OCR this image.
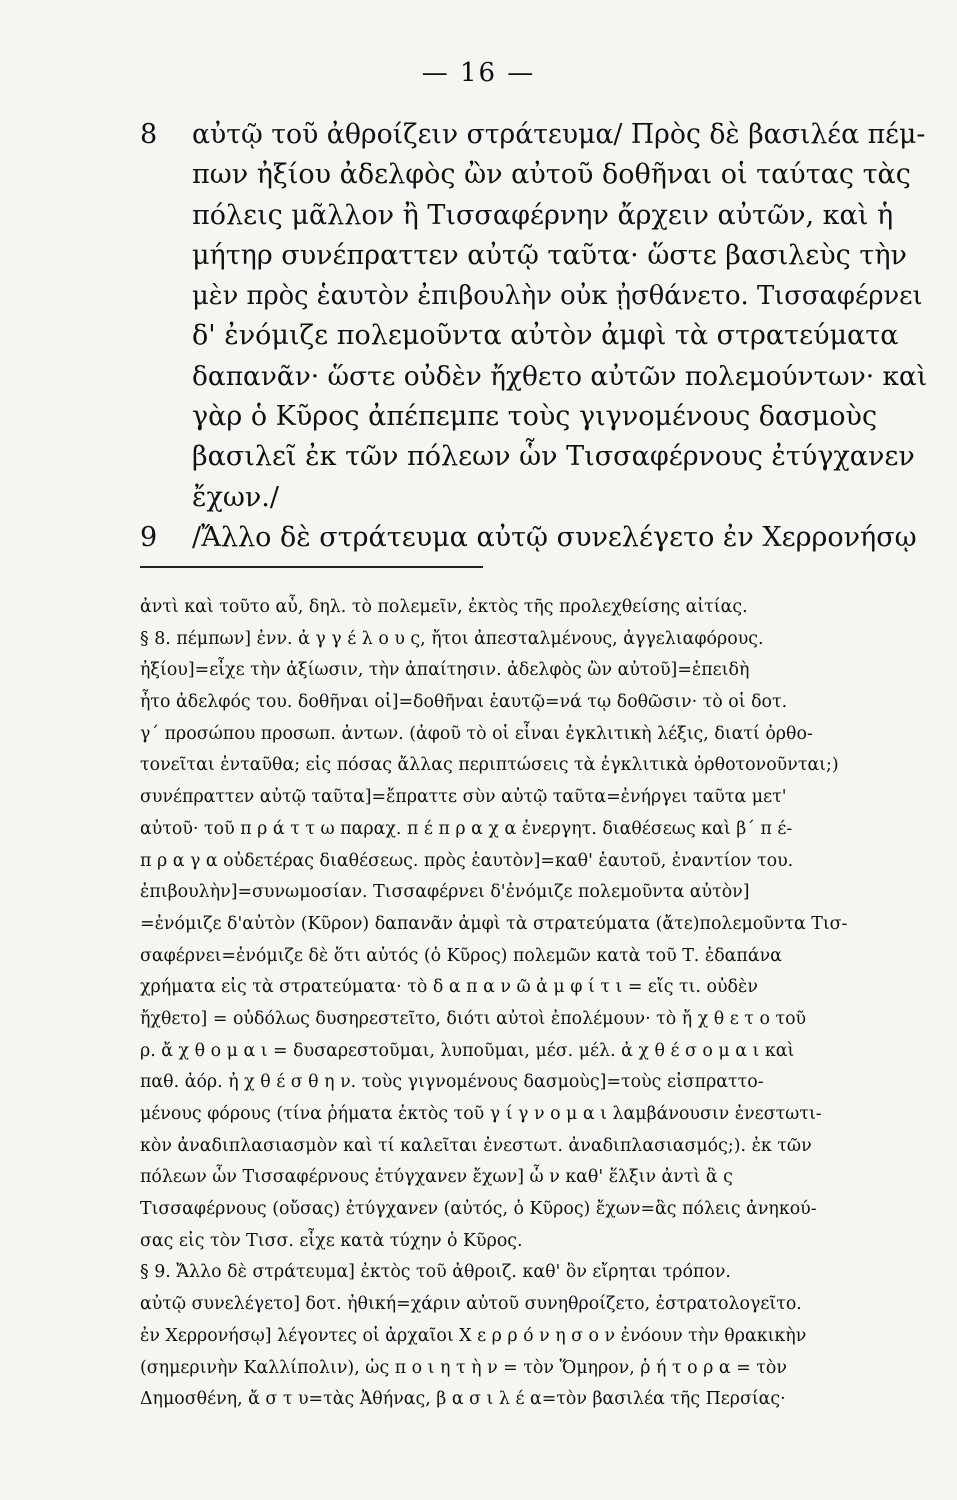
— 16 —
8	αὐτῷ τοῦ ἀθροίζειν στράτευμα/ Πρὸς δὲ βασιλέα πέμ-
πων ἠξίου ἀδελφὸς ὢν αὐτοῦ δοθῆναι οἱ ταύτας τὰς
πόλεις μᾶλλον ἢ Τισσαφέρνην ἄρχειν αὐτῶν, καὶ ἡ
μήτηρ συνέπραττεν αὐτῷ ταῦτα· ὥστε βασιλεὺς τὴν
μὲν πρὸς ἑαυτὸν ἐπιβουλὴν οὐκ ᾐσθάνετο. Τισσαφέρνει
δ' ἐνόμιζε πολεμοῦντα αὐτὸν ἀμφὶ τὰ στρατεύματα
δαπανᾶν· ὥστε οὐδὲν ἤχθετο αὐτῶν πολεμούντων· καὶ
γὰρ ὁ Κῦρος ἀπέπεμπε τοὺς γιγνομένους δασμοὺς
βασιλεῖ ἐκ τῶν πόλεων ὧν Τισσαφέρνους ἐτύγχανεν
ἔχων./
9	/Ἄλλο δὲ στράτευμα αὐτῷ συνελέγετο ἐν Χερρονήσῳ
ἀντὶ καὶ τοῦτο αὖ, δηλ. τὸ πολεμεῖν, ἐκτὸς τῆς προλεχθείσης αἰτίας.
§ 8. πέμπων] ἐνν. ἀ γ γ έ λ ο υ ς, ἤτοι ἀπεσταλμένους, ἀγγελιαφόρους.
ἠξίου]=εἶχε τὴν ἀξίωσιν, τὴν ἀπαίτησιν. ἀδελφὸς ὢν αὐτοῦ]=ἐπειδὴ
ἦτο ἀδελφός του. δοθῆναι οἱ]=δοθῆναι ἑαυτῷ=νά τῳ δοθῶσιν· τὸ οἱ δοτ.
γ΄ προσώπου προσωπ. ἀντων. (ἀφοῦ τὸ οἱ εἶναι ἐγκλιτικὴ λέξις, διατί ὀρθο-
τονεῖται ἐνταῦθα; εἰς πόσας ἄλλας περιπτώσεις τὰ ἐγκλιτικὰ ὀρθοτονοῦνται;)
συνέπραττεν αὐτῷ ταῦτα]=ἔπραττε σὺν αὐτῷ ταῦτα=ἐνήργει ταῦτα μετ'
αὐτοῦ· τοῦ π ρ ά τ τ ω παραχ. π έ π ρ α χ α ἐνεργητ. διαθέσεως καὶ β΄ π έ-
π ρ α γ α οὐδετέρας διαθέσεως. πρὸς ἑαυτὸν]=καθ' ἑαυτοῦ, ἐναντίον του.
ἐπιβουλὴν]=συνωμοσίαν. Τισσαφέρνει δ'ἐνόμιζε πολεμοῦντα αὐτὸν]
=ἐνόμιζε δ'αὐτὸν (Κῦρον) δαπανᾶν ἀμφὶ τὰ στρατεύματα (ἄτε)πολεμοῦντα Τισ-
σαφέρνει=ἐνόμιζε δὲ ὅτι αὐτός (ὁ Κῦρος) πολεμῶν κατὰ τοῦ Τ. ἐδαπάνα
χρήματα εἰς τὰ στρατεύματα· τὸ δ α π α ν ῶ ἀ μ φ ί τ ι = εἴς τι. οὐδὲν
ἤχθετο] = οὐδόλως δυσηρεστεῖτο, διότι αὐτοὶ ἐπολέμουν· τὸ ἤ χ θ ε τ ο τοῦ
ρ. ἄ χ θ ο μ α ι = δυσαρεστοῦμαι, λυποῦμαι, μέσ. μέλ. ἀ χ θ έ σ ο μ α ι καὶ
παθ. ἀόρ. ἠ χ θ έ σ θ η ν. τοὺς γιγνομένους δασμοὺς]=τοὺς εἰσπραττο-
μένους φόρους (τίνα ῥήματα ἐκτὸς τοῦ γ ί γ ν ο μ α ι λαμβάνουσιν ἐνεστωτι-
κὸν ἀναδιπλασιασμὸν καὶ τί καλεῖται ἐνεστωτ. ἀναδιπλασιασμός;). ἐκ τῶν
πόλεων ὧν Τισσαφέρνους ἐτύγχανεν ἔχων] ὧ ν καθ' ἕλξιν ἀντὶ ἃ ς
Τισσαφέρνους (οὔσας) ἐτύγχανεν (αὐτός, ὁ Κῦρος) ἔχων=ἃς πόλεις ἀνηκού-
σας εἰς τὸν Τισσ. εἶχε κατὰ τύχην ὁ Κῦρος.
§ 9. Ἄλλο δὲ στράτευμα] ἐκτὸς τοῦ ἀθροιζ. καθ' ὃν εἴρηται τρόπον.
αὐτῷ συνελέγετο] δοτ. ἠθική=χάριν αὐτοῦ συνηθροίζετο, ἐστρατολογεῖτο.
ἐν Χερρονήσῳ] λέγοντες οἱ ἀρχαῖοι Χ ε ρ ρ ό ν η σ ο ν ἐνόουν τὴν θρακικὴν
(σημερινὴν Καλλίπολιν), ὡς π ο ι η τ ὴ ν = τὸν Ὅμηρον, ῥ ή τ ο ρ α = τὸν
Δημοσθένη, ἄ σ τ υ=τὰς Ἀθήνας, β α σ ι λ έ α=τὸν βασιλέα τῆς Περσίας·
